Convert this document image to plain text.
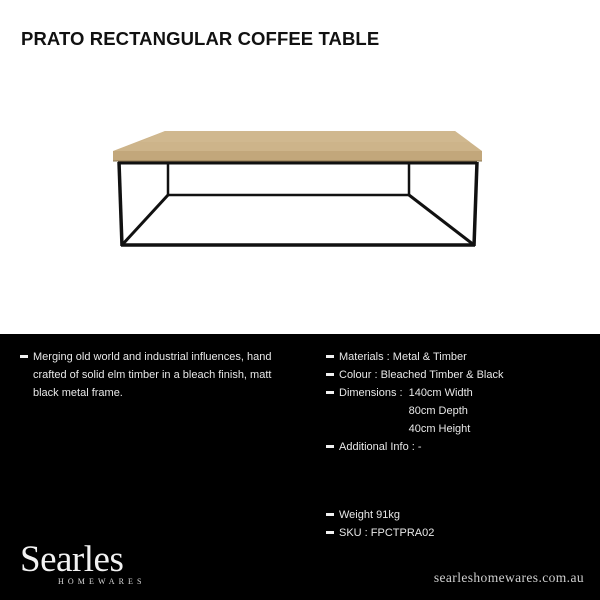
PRATO RECTANGULAR COFFEE TABLE
Merging old world and industrial influences, hand
crafted of solid elm timber in a bleach finish, matt
black metal frame.
Materials : Metal & Timber
Colour : Bleached Timber & Black
Dimensions : 140cm Width
80cm Depth
40cm Height
Additional Info : -
Weight 91kg
SKU : FPCTPRA02
Searles
HOMEWARES	searleshomewares.com.au
